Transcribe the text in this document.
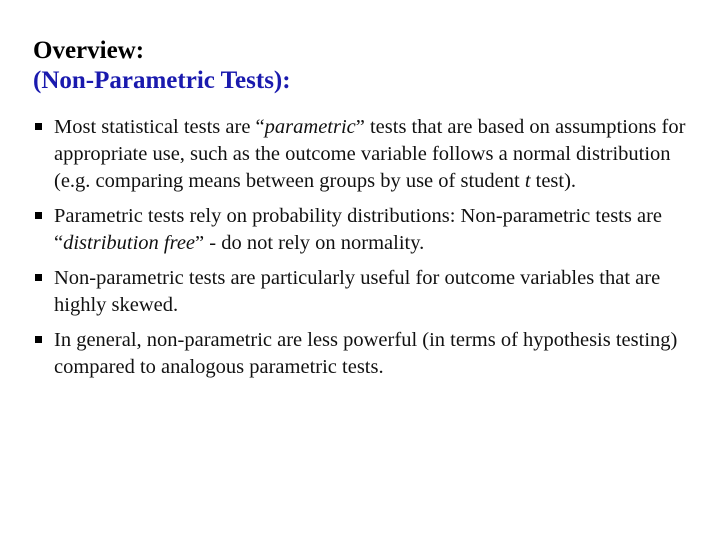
Overview:
(Non-Parametric Tests):
Most statistical tests are “parametric” tests that are based on assumptions for appropriate use, such as the outcome variable follows a normal distribution (e.g. comparing means between groups by use of student t test).
Parametric tests rely on probability distributions: Non-parametric tests are “distribution free” - do not rely on normality.
Non-parametric tests are particularly useful for outcome variables that are highly skewed.
In general, non-parametric are less powerful (in terms of hypothesis testing) compared to analogous parametric tests.
